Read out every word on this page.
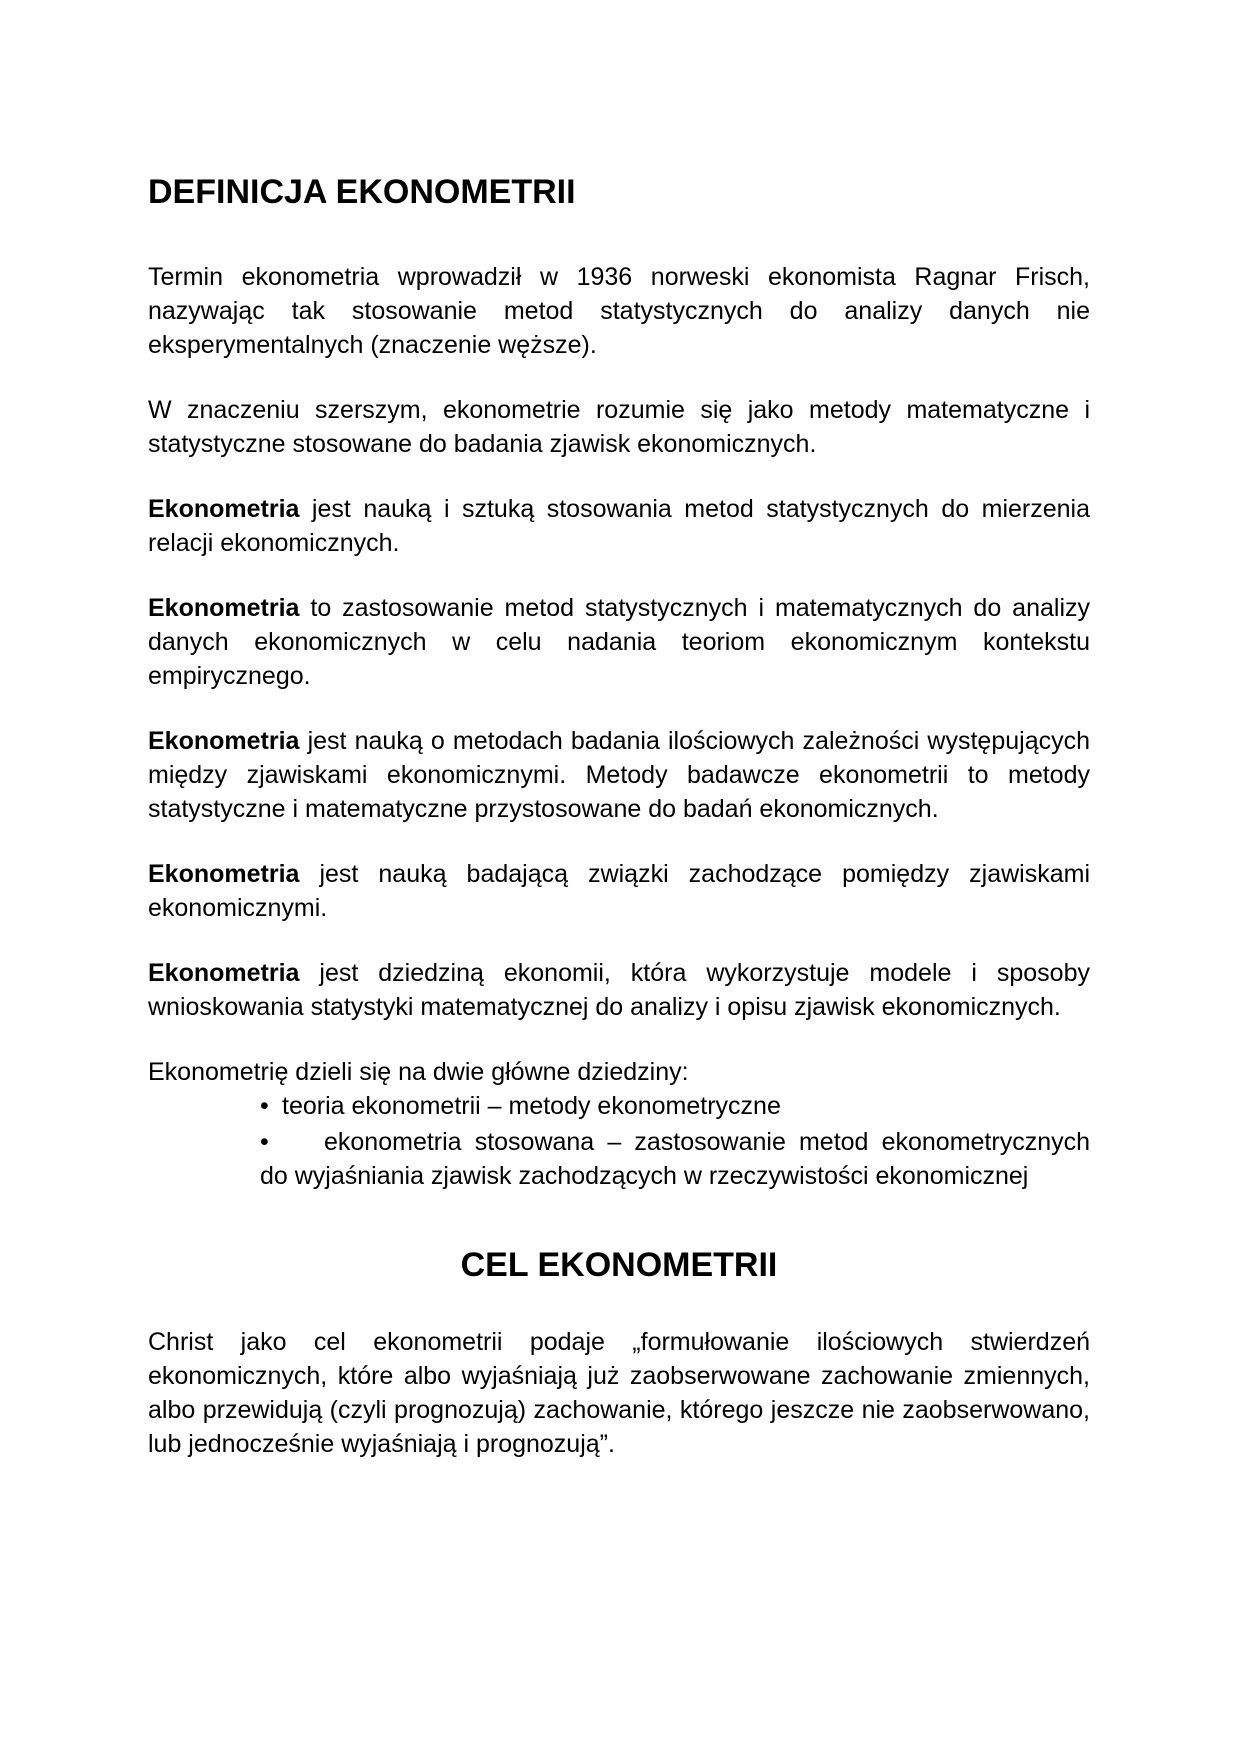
DEFINICJA EKONOMETRII

Termin ekonometria wprowadził w 1936 norweski ekonomista Ragnar Frisch, nazywając tak stosowanie metod statystycznych do analizy danych nie eksperymentalnych (znaczenie węższe).

W znaczeniu szerszym, ekonometrie rozumie się jako metody matematyczne i statystyczne stosowane do badania zjawisk ekonomicznych.

Ekonometria jest nauką i sztuką stosowania metod statystycznych do mierzenia relacji ekonomicznych.

Ekonometria to zastosowanie metod statystycznych i matematycznych do analizy danych ekonomicznych w celu nadania teoriom ekonomicznym kontekstu empirycznego.

Ekonometria jest nauką o metodach badania ilościowych zależności występujących między zjawiskami ekonomicznymi. Metody badawcze ekonometrii to metody statystyczne i matematyczne przystosowane do badań ekonomicznych.

Ekonometria jest nauką badającą związki zachodzące pomiędzy zjawiskami ekonomicznymi.

Ekonometria jest dziedziną ekonomii, która wykorzystuje modele i sposoby wnioskowania statystyki matematycznej do analizy i opisu zjawisk ekonomicznych.

Ekonometrię dzieli się na dwie główne dziedziny:

• teoria ekonometrii – metody ekonometryczne
• ekonometria stosowana – zastosowanie metod ekonometrycznych do wyjaśniania zjawisk zachodzących w rzeczywistości ekonomicznej
CEL EKONOMETRII

Christ jako cel ekonometrii podaje „formułowanie ilościowych stwierdzeń ekonomicznych, które albo wyjaśniają już zaobserwowane zachowanie zmiennych, albo przewidują (czyli prognozują) zachowanie, którego jeszcze nie zaobserwowano, lub jednocześnie wyjaśniają i prognozują”.
